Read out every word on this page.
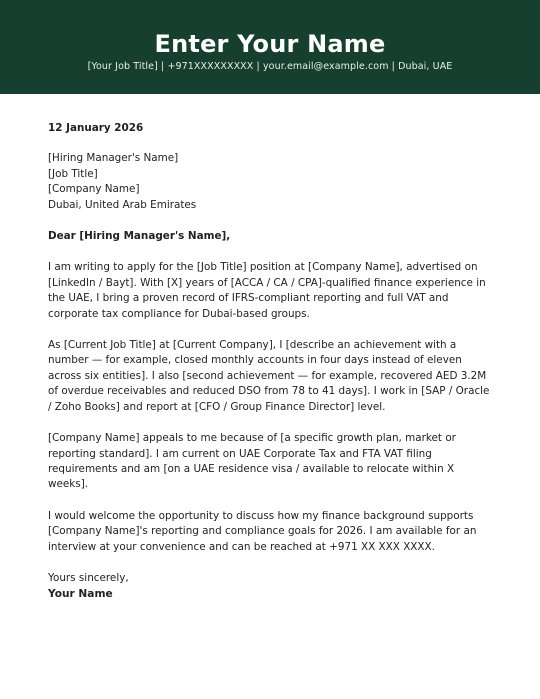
Enter Your Name
[Your Job Title] | +971XXXXXXXXX | your.email@example.com | Dubai, UAE
12 January 2026
[Hiring Manager's Name]
[Job Title]
[Company Name]
Dubai, United Arab Emirates
Dear [Hiring Manager's Name],

I am writing to apply for the [Job Title] position at [Company Name], advertised on [LinkedIn / Bayt]. With [X] years of [ACCA / CA / CPA]-qualified finance experience in the UAE, I bring a proven record of IFRS-compliant reporting and full VAT and corporate tax compliance for Dubai-based groups.

As [Current Job Title] at [Current Company], I [describe an achievement with a number — for example, closed monthly accounts in four days instead of eleven across six entities]. I also [second achievement — for example, recovered AED 3.2M of overdue receivables and reduced DSO from 78 to 41 days]. I work in [SAP / Oracle / Zoho Books] and report at [CFO / Group Finance Director] level.

[Company Name] appeals to me because of [a specific growth plan, market or reporting standard]. I am current on UAE Corporate Tax and FTA VAT filing requirements and am [on a UAE residence visa / available to relocate within X weeks].

I would welcome the opportunity to discuss how my finance background supports [Company Name]'s reporting and compliance goals for 2026. I am available for an interview at your convenience and can be reached at +971 XX XXX XXXX.

Yours sincerely,
Your Name
